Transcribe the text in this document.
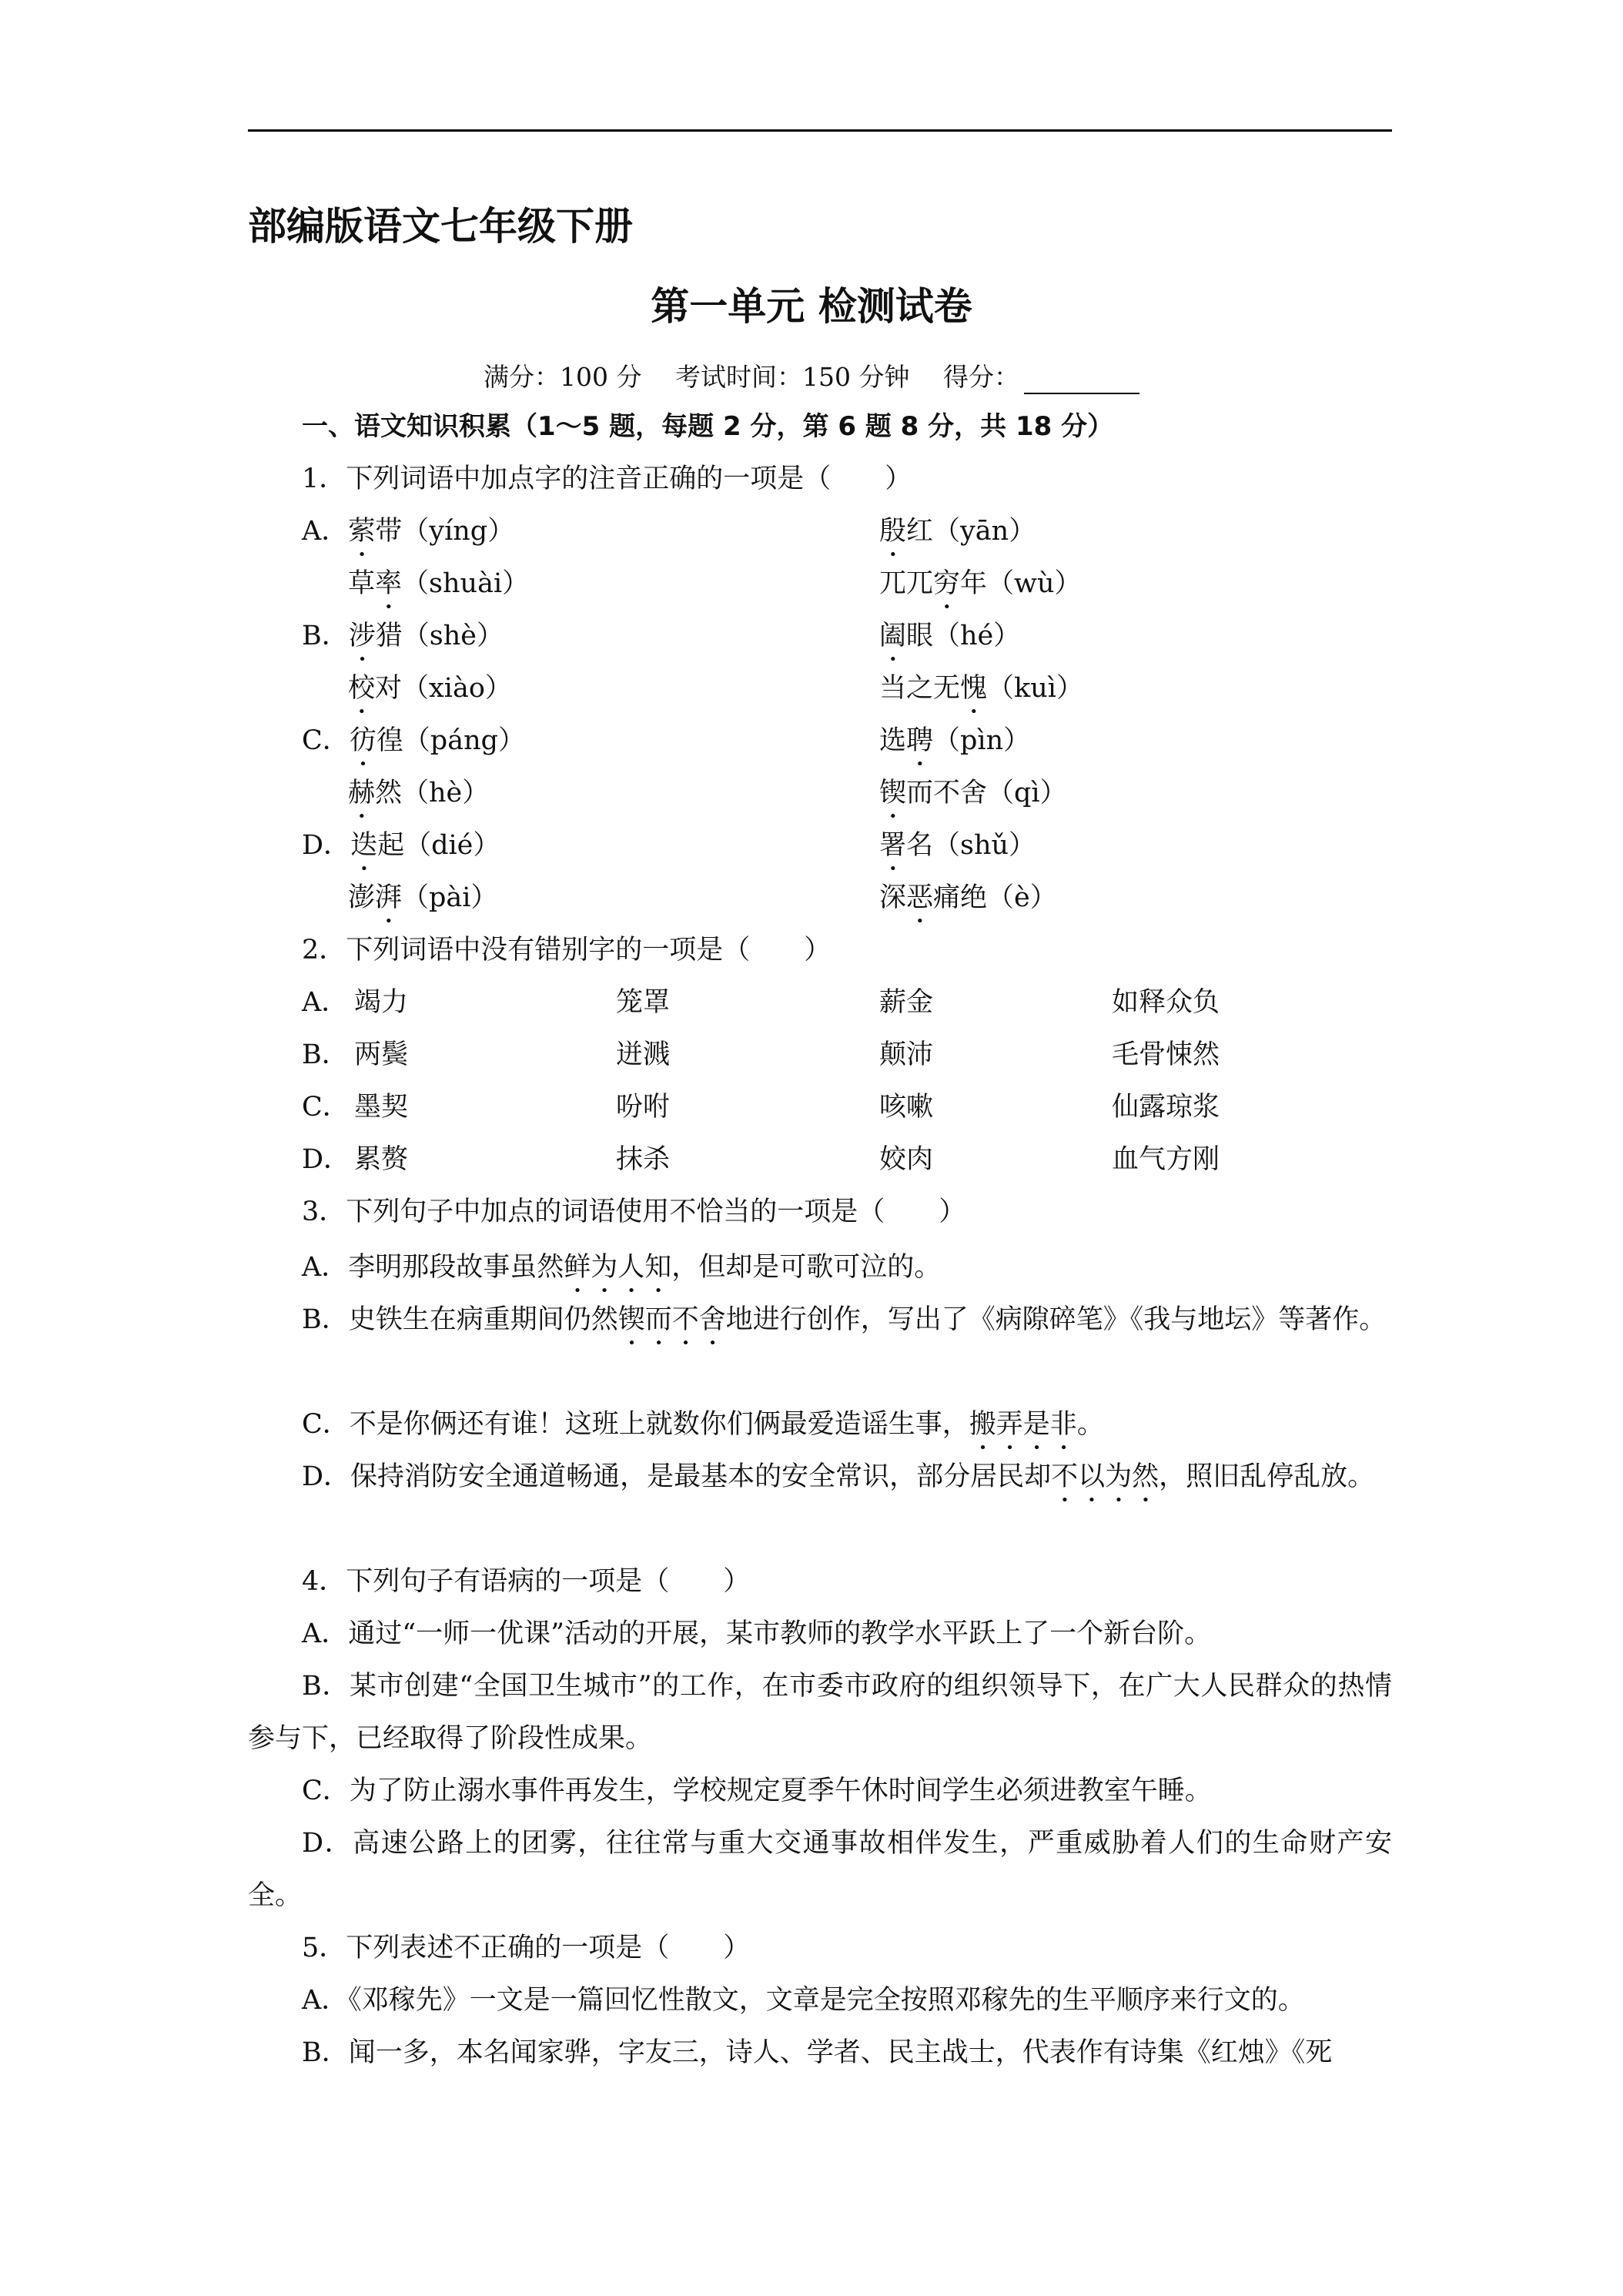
部编版语文七年级下册
第一单元 检测试卷
满分：100 分　 考试时间：150 分钟　 得分：
一、语文知识积累（1～5 题，每题 2 分，第 6 题 8 分，共 18 分）
1．下列词语中加点字的注音正确的一项是（　　）
A．萦带（yíng）	殷红（yān）
草率（shuài）	兀兀穷年（wù）
B．涉猎（shè）	阖眼（hé）
校对（xiào）	当之无愧（kuì）
C．彷徨（páng）	选聘（pìn）
赫然（hè）	锲而不舍（qì）
D．迭起（dié）	署名（shǔ）
澎湃（pài）	深恶痛绝（è）
2．下列词语中没有错别字的一项是（　　）
A． 竭力	笼罩	薪金	如释众负
B． 两鬓	迸溅	颠沛	毛骨悚然
C． 墨契	吩咐	咳嗽	仙露琼浆
D． 累赘	抹杀	姣肉	血气方刚
3．下列句子中加点的词语使用不恰当的一项是（　　）
A．李明那段故事虽然鲜为人知，但却是可歌可泣的。
B．史铁生在病重期间仍然锲而不舍地进行创作，写出了《病隙碎笔》《我与地坛》等著作。
C．不是你俩还有谁！这班上就数你们俩最爱造谣生事，搬弄是非。
D．保持消防安全通道畅通，是最基本的安全常识，部分居民却不以为然，照旧乱停乱放。
4．下列句子有语病的一项是（　　）
A．通过“一师一优课”活动的开展，某市教师的教学水平跃上了一个新台阶。
B．某市创建“全国卫生城市”的工作，在市委市政府的组织领导下，在广大人民群众的热情参与下，已经取得了阶段性成果。
C．为了防止溺水事件再发生，学校规定夏季午休时间学生必须进教室午睡。
D．高速公路上的团雾，往往常与重大交通事故相伴发生，严重威胁着人们的生命财产安全。
5．下列表述不正确的一项是（　　）
A．《邓稼先》一文是一篇回忆性散文，文章是完全按照邓稼先的生平顺序来行文的。
B．闻一多，本名闻家骅，字友三，诗人、学者、民主战士，代表作有诗集《红烛》《死
